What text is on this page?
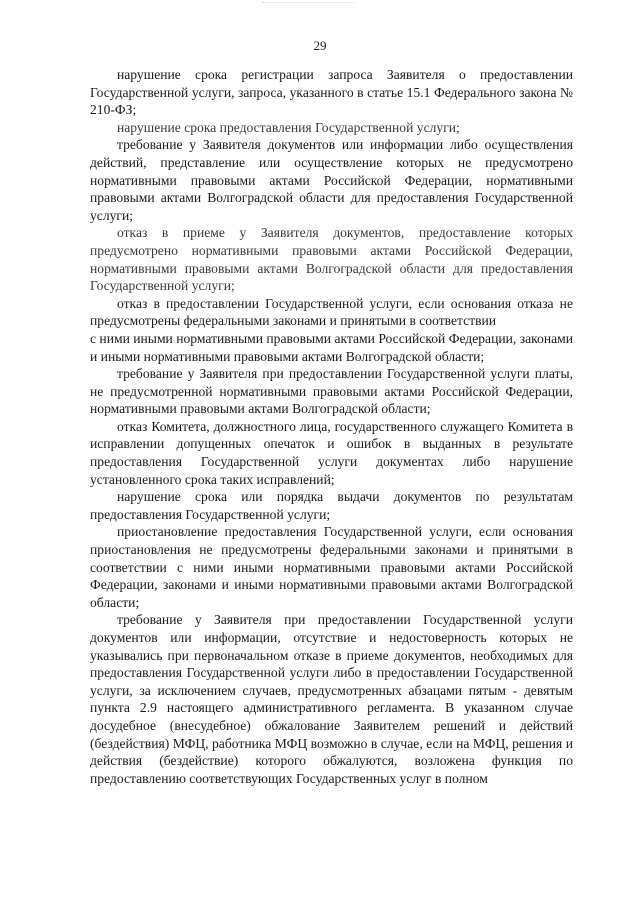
29

нарушение срока регистрации запроса Заявителя о предоставлении Государственной услуги, запроса, указанного в статье 15.1 Федерального закона № 210-ФЗ;

нарушение срока предоставления Государственной услуги;

требование у Заявителя документов или информации либо осуществления действий, представление или осуществление которых не предусмотрено нормативными правовыми актами Российской Федерации, нормативными правовыми актами Волгоградской области для предоставления Государственной услуги;

отказ в приеме у Заявителя документов, предоставление которых предусмотрено нормативными правовыми актами Российской Федерации, нормативными правовыми актами Волгоградской области для предоставления Государственной услуги;

отказ в предоставлении Государственной услуги, если основания отказа не предусмотрены федеральными законами и принятыми в соответствии

с ними иными нормативными правовыми актами Российской Федерации, законами и иными нормативными правовыми актами Волгоградской области;

требование у Заявителя при предоставлении Государственной услуги платы, не предусмотренной нормативными правовыми актами Российской Федерации, нормативными правовыми актами Волгоградской области;

отказ Комитета, должностного лица, государственного служащего Комитета в исправлении допущенных опечаток и ошибок в выданных в результате предоставления Государственной услуги документах либо нарушение установленного срока таких исправлений;

нарушение срока или порядка выдачи документов по результатам предоставления Государственной услуги;

приостановление предоставления Государственной услуги, если основания приостановления не предусмотрены федеральными законами и принятыми в соответствии с ними иными нормативными правовыми актами Российской Федерации, законами и иными нормативными правовыми актами Волгоградской области;

требование у Заявителя при предоставлении Государственной услуги документов или информации, отсутствие и недостоверность которых не указывались при первоначальном отказе в приеме документов, необходимых для предоставления Государственной услуги либо в предоставлении Государственной услуги, за исключением случаев, предусмотренных абзацами пятым - девятым пункта 2.9 настоящего административного регламента. В указанном случае досудебное (внесудебное) обжалование Заявителем решений и действий (бездействия) МФЦ, работника МФЦ возможно в случае, если на МФЦ, решения и действия (бездействие) которого обжалуются, возложена функция по предоставлению соответствующих Государственных услуг в полном
